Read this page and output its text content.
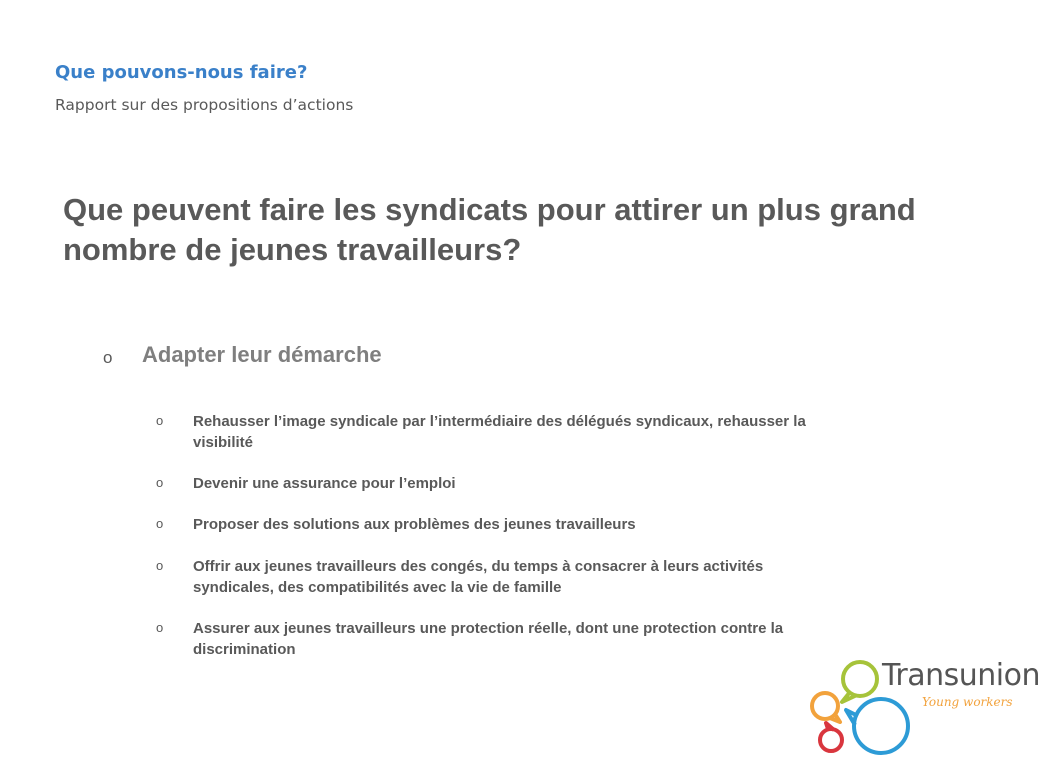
Que pouvons-nous faire?
Rapport sur des propositions d’actions
Que peuvent faire les syndicats pour attirer un plus grand nombre de jeunes travailleurs?
o Adapter leur démarche
o Rehausser l’image syndicale par l’intermédiaire des délégués syndicaux, rehausser la visibilité
o Devenir une assurance pour l’emploi
o Proposer des solutions aux problèmes des jeunes travailleurs
o Offrir aux jeunes travailleurs des congés, du temps à consacrer à leurs activités syndicales, des compatibilités avec la vie de famille
o Assurer aux jeunes travailleurs une protection réelle, dont une protection contre la discrimination
Transunion
Young workers
